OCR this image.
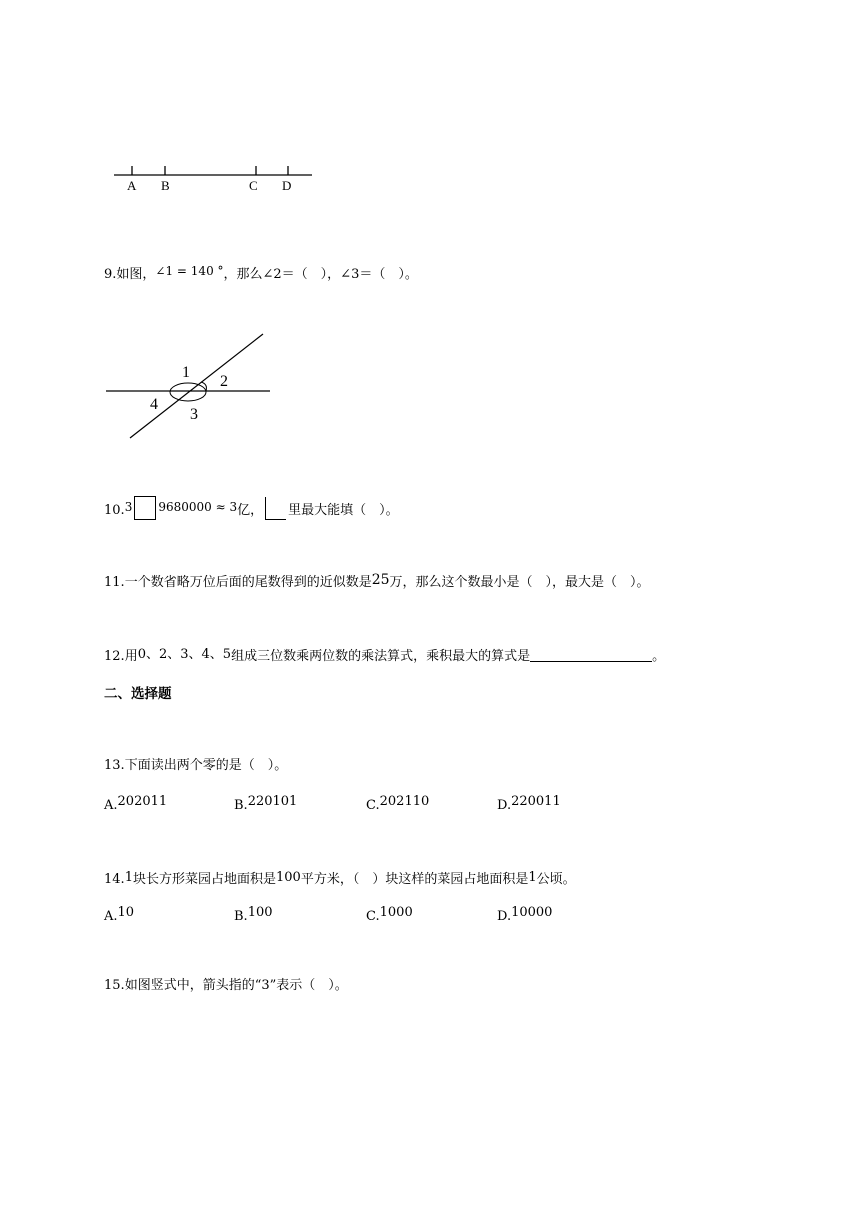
A B	C D
9.如图，∠1 = 140 °，那么∠2＝（　），∠3＝（　）。
1
2
3
4
10.3 9680000 ≈ 3亿， 里最大能填（　）。
11.一个数省略万位后面的尾数得到的近似数是25万，那么这个数最小是（　），最大是（　）。
12.用0、2、3、4、5组成三位数乘两位数的乘法算式，乘积最大的算式是	。
二、选择题
13.下面读出两个零的是（　）。
A.202011	B.220101	C.202110	D.220011
14.1块长方形菜园占地面积是100平方米，（　）块这样的菜园占地面积是1公顷。
A.10	B.100	C.1000	D.10000
15.如图竖式中，箭头指的“3”表示（　）。
